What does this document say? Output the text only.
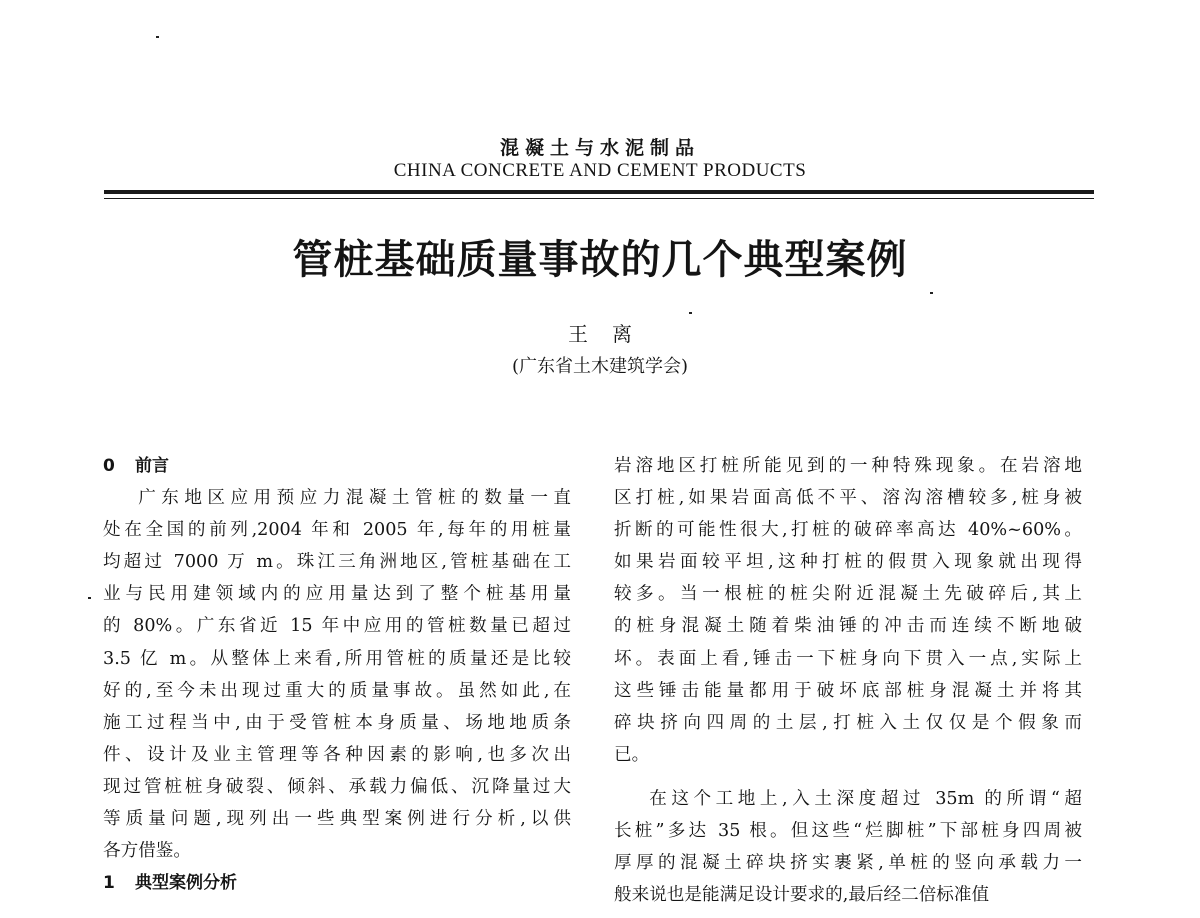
混凝土与水泥制品
CHINA CONCRETE AND CEMENT PRODUCTS
管桩基础质量事故的几个典型案例
王离
(广东省土木建筑学会)
0 前言

广东地区应用预应力混凝土管桩的数量一直

处在全国的前列,2004 年和 2005 年,每年的用桩量

均超过 7000 万 m。珠江三角洲地区,管桩基础在工

业与民用建领域内的应用量达到了整个桩基用量

的 80%。广东省近 15 年中应用的管桩数量已超过

3.5 亿 m。从整体上来看,所用管桩的质量还是比较

好的,至今未出现过重大的质量事故。虽然如此,在

施工过程当中,由于受管桩本身质量、场地地质条

件、设计及业主管理等各种因素的影响,也多次出

现过管桩桩身破裂、倾斜、承载力偏低、沉降量过大

等质量问题,现列出一些典型案例进行分析,以供

各方借鉴。

1 典型案例分析

岩溶地区打桩所能见到的一种特殊现象。在岩溶地

区打桩,如果岩面高低不平、溶沟溶槽较多,桩身被

折断的可能性很大,打桩的破碎率高达 40%~60%。

如果岩面较平坦,这种打桩的假贯入现象就出现得

较多。当一根桩的桩尖附近混凝土先破碎后,其上

的桩身混凝土随着柴油锤的冲击而连续不断地破

坏。表面上看,锤击一下桩身向下贯入一点,实际上

这些锤击能量都用于破坏底部桩身混凝土并将其

碎块挤向四周的土层,打桩入土仅仅是个假象而

已。

在这个工地上,入土深度超过 35m 的所谓“超

长桩”多达 35 根。但这些“烂脚桩”下部桩身四周被

厚厚的混凝土碎块挤实裹紧,单桩的竖向承载力一

般来说也是能满足设计要求的,最后经二倍标准值
